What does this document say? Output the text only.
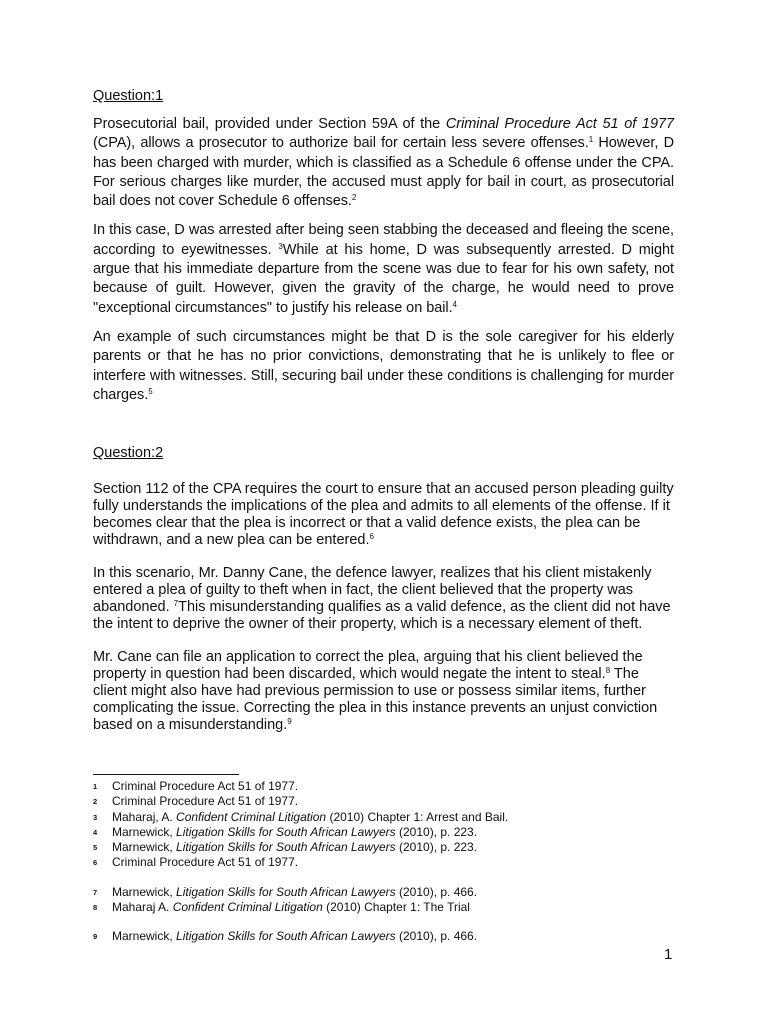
Question:1

Prosecutorial bail, provided under Section 59A of the Criminal Procedure Act 51 of 1977 (CPA), allows a prosecutor to authorize bail for certain less severe offenses.$^1$ However, D has been charged with murder, which is classified as a Schedule 6 offense under the CPA. For serious charges like murder, the accused must apply for bail in court, as prosecutorial bail does not cover Schedule 6 offenses.$^2$

In this case, D was arrested after being seen stabbing the deceased and fleeing the scene, according to eyewitnesses. $^3$While at his home, D was subsequently arrested. D might argue that his immediate departure from the scene was due to fear for his own safety, not because of guilt. However, given the gravity of the charge, he would need to prove "exceptional circumstances" to justify his release on bail.$^4$

An example of such circumstances might be that D is the sole caregiver for his elderly parents or that he has no prior convictions, demonstrating that he is unlikely to flee or interfere with witnesses. Still, securing bail under these conditions is challenging for murder charges.$^5$

Question:2

Section 112 of the CPA requires the court to ensure that an accused person pleading guilty fully understands the implications of the plea and admits to all elements of the offense. If it becomes clear that the plea is incorrect or that a valid defence exists, the plea can be withdrawn, and a new plea can be entered.$^6$

In this scenario, Mr. Danny Cane, the defence lawyer, realizes that his client mistakenly entered a plea of guilty to theft when in fact, the client believed that the property was abandoned. $^7$This misunderstanding qualifies as a valid defence, as the client did not have the intent to deprive the owner of their property, which is a necessary element of theft.

Mr. Cane can file an application to correct the plea, arguing that his client believed the property in question had been discarded, which would negate the intent to steal.$^8$ The client might also have had previous permission to use or possess similar items, further complicating the issue. Correcting the plea in this instance prevents an unjust conviction based on a misunderstanding.$^9$

1	Criminal Procedure Act 51 of 1977.
2	Criminal Procedure Act 51 of 1977.
3	Maharaj, A. Confident Criminal Litigation (2010) Chapter 1: Arrest and Bail.
4	Marnewick, Litigation Skills for South African Lawyers (2010), p. 223.
5	Marnewick, Litigation Skills for South African Lawyers (2010), p. 223.
6	Criminal Procedure Act 51 of 1977.
7	Marnewick, Litigation Skills for South African Lawyers (2010), p. 466.
8	Maharaj A. Confident Criminal Litigation (2010) Chapter 1: The Trial
9	Marnewick, Litigation Skills for South African Lawyers (2010), p. 466.
1
